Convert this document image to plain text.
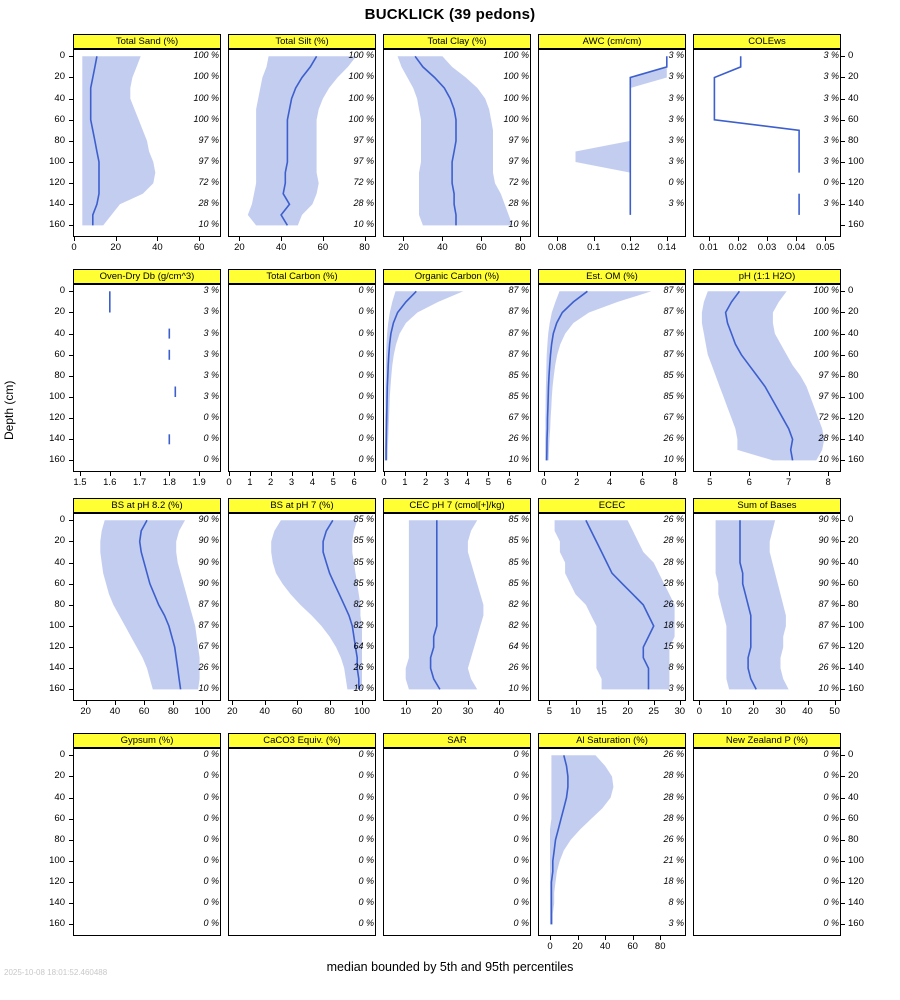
BUCKLICK (39 pedons)
Depth (cm)
median bounded by 5th and 95th percentiles
2025-10-08 18:01:52.460488
Total Sand (%)
100 %
100 %
100 %
100 %
97 %
97 %
72 %
28 %
10 %
0	20	40	60
0
20
40
60
80
100
120
140
160
Total Silt (%)
100 %
100 %
100 %
100 %
97 %
97 %
72 %
28 %
10 %
20	40	60	80
Total Clay (%)
100 %
100 %
100 %
100 %
97 %
97 %
72 %
28 %
10 %
20	40	60	80
AWC (cm/cm)
3 %
3 %
3 %
3 %
3 %
3 %
0 %
3 %
0.08	0.1	0.12	0.14
COLEws
3 %
3 %
3 %
3 %
3 %
3 %
0 %
3 %
0.01	0.02	0.03	0.04	0.05
0
20
40
60
80
100
120
140
160
Oven-Dry Db (g/cm^3)
3 %
3 %
3 %
3 %
3 %
3 %
0 %
0 %
0 %
1.5	1.6	1.7	1.8	1.9
0
20
40
60
80
100
120
140
160
Total Carbon (%)
0 %
0 %
0 %
0 %
0 %
0 %
0 %
0 %
0 %
0	1	2	3	4	5	6
Organic Carbon (%)
87 %
87 %
87 %
87 %
85 %
85 %
67 %
26 %
10 %
0	1	2	3	4	5	6
Est. OM (%)
87 %
87 %
87 %
87 %
85 %
85 %
67 %
26 %
10 %
0	2	4	6	8
pH (1:1 H2O)
100 %
100 %
100 %
100 %
97 %
97 %
72 %
28 %
10 %
5	6	7	8
0
20
40
60
80
100
120
140
160
BS at pH 8.2 (%)
90 %
90 %
90 %
90 %
87 %
87 %
67 %
26 %
10 %
20	40	60	80	100
0
20
40
60
80
100
120
140
160
BS at pH 7 (%)
85 %
85 %
85 %
85 %
82 %
82 %
64 %
26 %
10 %
20	40	60	80	100
CEC pH 7 (cmol[+]/kg)
85 %
85 %
85 %
85 %
82 %
82 %
64 %
26 %
10 %
10	20	30	40
ECEC
26 %
28 %
28 %
28 %
26 %
18 %
15 %
8 %
3 %
5	10	15	20	25	30
Sum of Bases
90 %
90 %
90 %
90 %
87 %
87 %
67 %
26 %
10 %
0	10	20	30	40	50
0
20
40
60
80
100
120
140
160
Gypsum (%)
0 %
0 %
0 %
0 %
0 %
0 %
0 %
0 %
0 %
0
20
40
60
80
100
120
140
160
CaCO3 Equiv. (%)
0 %
0 %
0 %
0 %
0 %
0 %
0 %
0 %
0 %
SAR
0 %
0 %
0 %
0 %
0 %
0 %
0 %
0 %
0 %
Al Saturation (%)
26 %
28 %
28 %
28 %
26 %
21 %
18 %
8 %
3 %
0	20	40	60	80
New Zealand P (%)
0 %
0 %
0 %
0 %
0 %
0 %
0 %
0 %
0 %
0
20
40
60
80
100
120
140
160
